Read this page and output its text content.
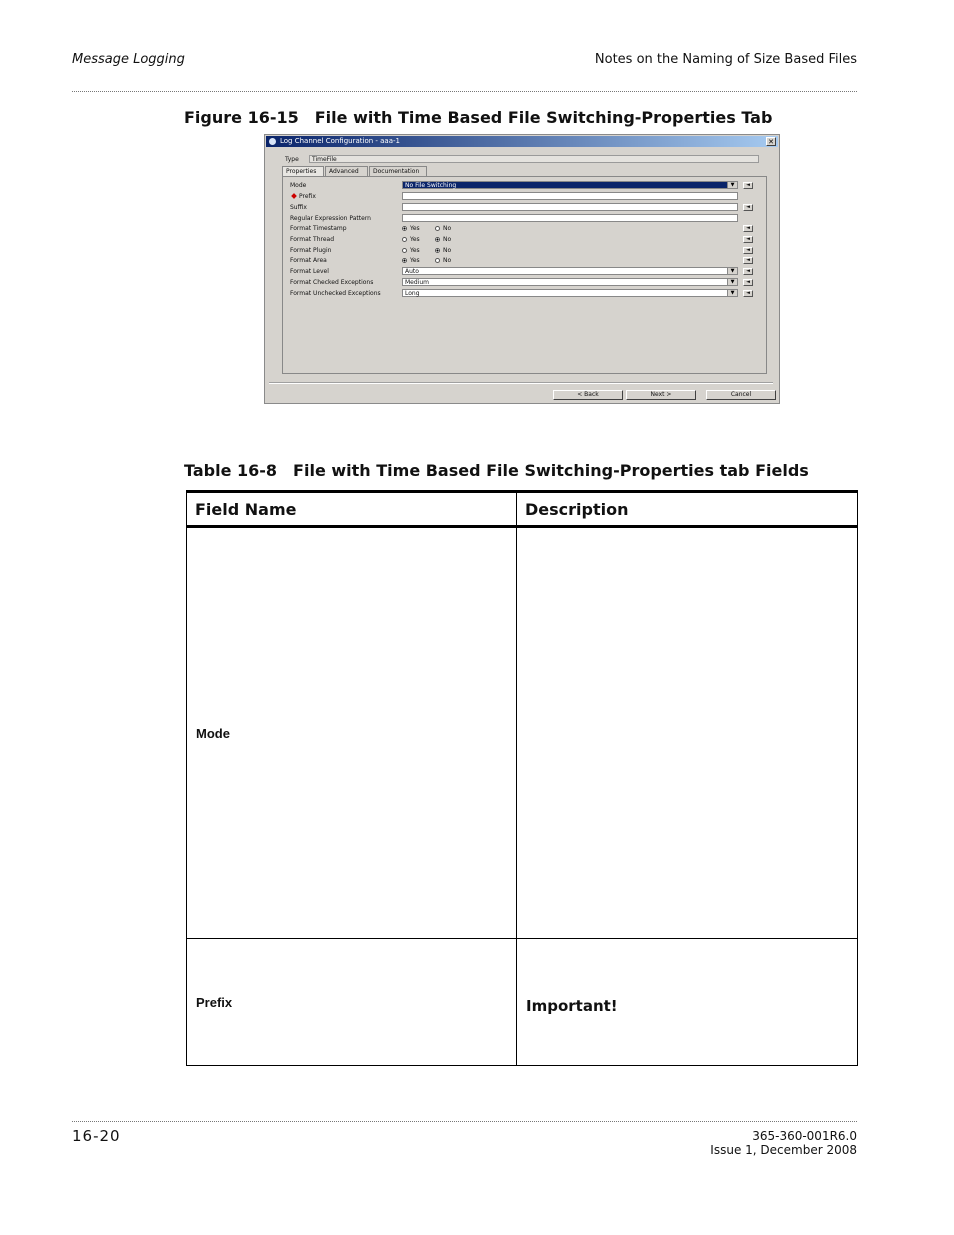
Message Logging	Notes on the Naming of Size Based Files
Figure 16-15 File with Time Based File Switching-Properties Tab
Log Channel Configuration - aaa-1	✕
Type	TimeFile
Properties	Advanced	Documentation
Mode	No File Switching	▼	◄
Prefix
Suffix	◄
Regular Expression Pattern
Format Timestamp	Yes	No	◄
Format Thread	Yes	No	◄
Format Plugin	Yes	No	◄
Format Area	Yes	No	◄
Format Level	Auto	▼	◄
Format Checked Exceptions	Medium	▼	◄
Format Unchecked Exceptions	Long	▼	◄
< Back	Next >	Cancel
Table 16-8 File with Time Based File Switching-Properties tab Fields
Field Name	Description
Mode	
Prefix	Important!
16-20	365-360-001R6.0
Issue 1, December 2008
